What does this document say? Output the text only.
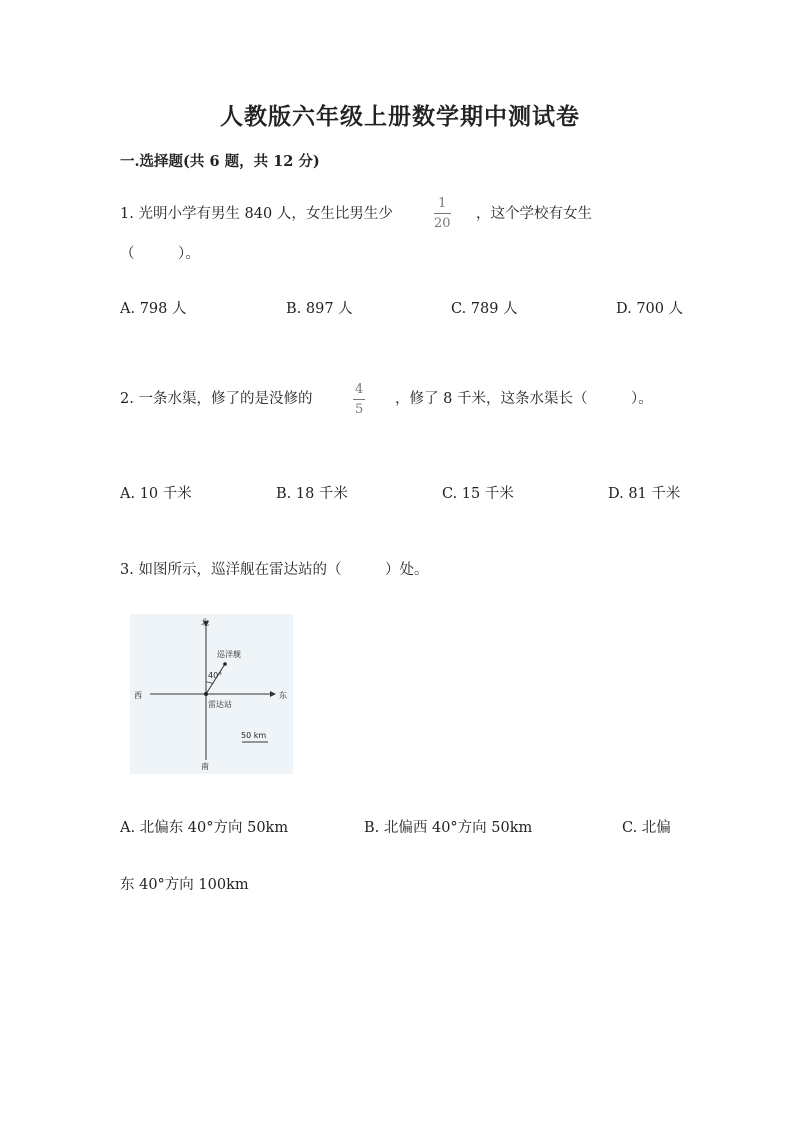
人教版六年级上册数学期中测试卷
一.选择题(共 6 题，共 12 分)
1. 光明小学有男生 840 人，女生比男生少
1
20
，这个学校有女生
（　　　）。
A. 798 人	B. 897 人	C. 789 人	D. 700 人
2. 一条水渠，修了的是没修的
4
5
，修了 8 千米，这条水渠长（　　　）。
A. 10 千米	B. 18 千米	C. 15 千米	D. 81 千米
3. 如图所示，巡洋舰在雷达站的（　　　）处。
北
南
西	东
巡洋舰
雷达站
40°
50 km
A. 北偏东 40°方向 50km	B. 北偏西 40°方向 50km	C. 北偏
东 40°方向 100km
